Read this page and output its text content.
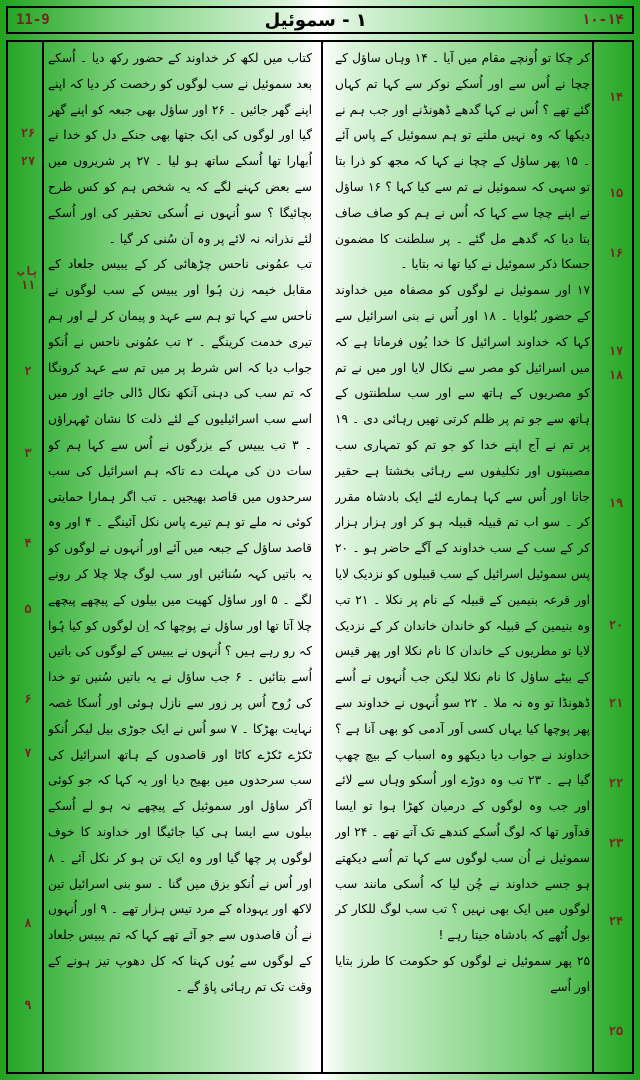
11-9	۱ - سموئیل	۱۰-۱۴

کر چکا تو اُونچے مقام میں آیا ۔ ۱۴ وہاں ساؤل کے چچا نے اُس سے اور اُسکے نوکر سے کہا تم کہاں گئے تھے ؟ اُس نے کہا گدھے ڈھونڈنے اور جب ہم نے دیکھا کہ وہ نہیں ملتے تو ہم سموئیل کے پاس آئے ۔ ۱۵ پھر ساؤل کے چچا نے کہا کہ مجھ کو ذرا بتا تو سہی کہ سموئیل نے تم سے کیا کہا ؟ ۱۶ ساؤل نے اپنے چچا سے کہا کہ اُس نے ہم کو صاف صاف بتا دیا کہ گدھے مل گئے ۔ پر سلطنت کا مضمون جسکا ذکر سموئیل نے کیا تھا نہ بتایا ۔

۱۷ اور سموئیل نے لوگوں کو مصفاہ میں خداوند کے حضور بُلوایا ۔ ۱۸ اور اُس نے بنی اسرائیل سے کہا کہ خداوند اسرائیل کا خدا یُوں فرماتا ہے کہ میں اسرائیل کو مصر سے نکال لایا اور میں نے تم کو مصریوں کے ہاتھ سے اور سب سلطنتوں کے ہاتھ سے جو تم پر ظلم کرتی تھیں رہائی دی ۔ ۱۹ پر تم نے آج اپنے خدا کو جو تم کو تمہاری سب مصیبتوں اور تکلیفوں سے رہائی بخشتا ہے حقیر جانا اور اُس سے کہا ہمارے لئے ایک بادشاہ مقرر کر ۔ سو اب تم قبیلہ قبیلہ ہو کر اور ہزار ہزار کر کے سب کے سب خداوند کے آگے حاضر ہو ۔ ۲۰ پس سموئیل اسرائیل کے سب قبیلوں کو نزدیک لایا اور قرعہ بنیمین کے قبیلہ کے نام پر نکلا ۔ ۲۱ تب وہ بنیمین کے قبیلہ کو خاندان خاندان کر کے نزدیک لایا تو مطریوں کے خاندان کا نام نکلا اور پھر قیس کے بیٹے ساؤل کا نام نکلا لیکن جب اُنہوں نے اُسے ڈھونڈا تو وہ نہ ملا ۔ ۲۲ سو اُنہوں نے خداوند سے پھر پوچھا کیا یہاں کسی اَور آدمی کو بھی آنا ہے ؟ خداوند نے جواب دیا دیکھو وہ اسباب کے بیچ چھپ گیا ہے ۔ ۲۳ تب وہ دوڑے اور اُسکو وہاں سے لائے اور جب وہ لوگوں کے درمیان کھڑا ہوا تو ایسا قدآور تھا کہ لوگ اُسکے کندھے تک آتے تھے ۔ ۲۴ اور سموئیل نے اُن سب لوگوں سے کہا تم اُسے دیکھتے ہو جسے خداوند نے چُن لیا کہ اُسکی مانند سب لوگوں میں ایک بھی نہیں ؟ تب سب لوگ للکار کر بول اُٹھے کہ بادشاہ جیتا رہے !

۲۵ پھر سموئیل نے لوگوں کو حکومت کا طرز بتایا اور اُسے

کتاب میں لکھ کر خداوند کے حضور رکھ دیا ۔ اُسکے بعد سموئیل نے سب لوگوں کو رخصت کر دیا کہ اپنے اپنے گھر جائیں ۔ ۲۶ اور ساؤل بھی جبعہ کو اپنے گھر گیا اور لوگوں کی ایک جتھا بھی جنکے دل کو خدا نے اُبھارا تھا اُسکے ساتھ ہو لیا ۔ ۲۷ پر شریروں میں سے بعض کہنے لگے کہ یہ شخص ہم کو کس طرح بچائیگا ؟ سو اُنہوں نے اُسکی تحقیر کی اور اُسکے لئے نذرانہ نہ لائے پر وہ اَن سُنی کر گیا ۔

تب عمُونی ناحس چڑھائی کر کے یبیس جلعاد کے مقابل خیمہ زن ہُوا اور یبیس کے سب لوگوں نے ناحس سے کہا تو ہم سے عہد و پیمان کر لے اور ہم تیری خدمت کرینگے ۔ ۲ تب عمُونی ناحس نے اُنکو جواب دیا کہ اس شرط پر میں تم سے عہد کرونگا کہ تم سب کی دہنی آنکھ نکال ڈالی جائے اور میں اسے سب اسرائیلیوں کے لئے ذلت کا نشان ٹھہراؤں ۔ ۳ تب یبیس کے بزرگوں نے اُس سے کہا ہم کو سات دن کی مہلت دے تاکہ ہم اسرائیل کی سب سرحدوں میں قاصد بھیجیں ۔ تب اگر ہمارا حمایتی کوئی نہ ملے تو ہم تیرے پاس نکل آئینگے ۔ ۴ اور وہ قاصد ساؤل کے جبعہ میں آئے اور اُنہوں نے لوگوں کو یہ باتیں کہہ سُنائیں اور سب لوگ چلا چلا کر رونے لگے ۔ ۵ اور ساؤل کھیت میں بیلوں کے پیچھے پیچھے چلا آتا تھا اور ساؤل نے پوچھا کہ اِن لوگوں کو کیا ہُوا کہ رو رہے ہیں ؟ اُنہوں نے یبیس کے لوگوں کی باتیں اُسے بتائیں ۔ ۶ جب ساؤل نے یہ باتیں سُنیں تو خدا کی رُوح اُس پر زور سے نازل ہوئی اور اُسکا غصہ نہایت بھڑکا ۔ ۷ سو اُس نے ایک جوڑی بیل لیکر اُنکو ٹکڑے ٹکڑے کاٹا اور قاصدوں کے ہاتھ اسرائیل کی سب سرحدوں میں بھیج دیا اور یہ کہا کہ جو کوئی آکر ساؤل اور سموئیل کے پیچھے نہ ہو لے اُسکے بیلوں سے ایسا ہی کیا جائیگا اور خداوند کا خوف لوگوں پر چھا گیا اور وہ ایک تن ہو کر نکل آئے ۔ ۸ اور اُس نے اُنکو بزق میں گنا ۔ سو بنی اسرائیل تین لاکھ اور یہوداہ کے مرد تیس ہزار تھے ۔ ۹ اور اُنہوں نے اُن قاصدوں سے جو آئے تھے کہا کہ تم یبیس جلعاد کے لوگوں سے یُوں کہنا کہ کل دھوپ تیز ہونے کے وقت تک تم رہائی پاؤ گے ۔

۱۴
۱۵
۱۶
۱۷
۱۸
۱۹
۲۰
۲۱
۲۲
۲۳
۲۴
۲۵
۲۶
۲۷
باب ۱۱
۲
۳
۴
۵
۶
۷
۸
۹
